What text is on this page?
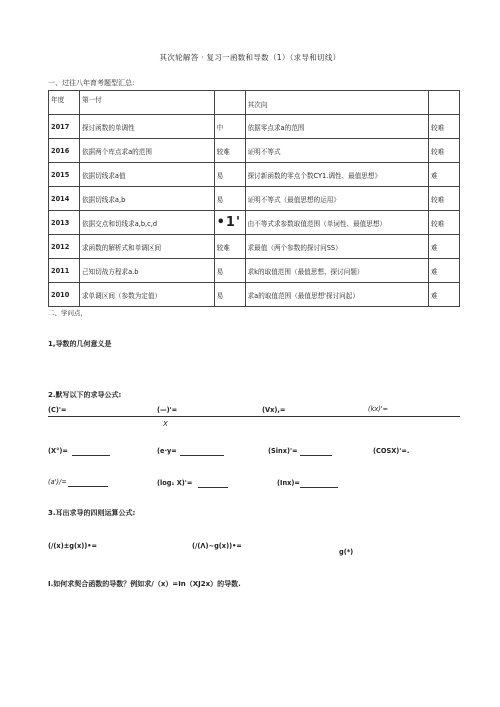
其次轮解答 · 复习一函数和导数（1）（求导和切线）
一、过往八年育考题型汇总:
年度	第一付		其次向	
2017	探讨函数的单调性	中	依据零点求a的范围	较难
2016	依据两个库点求a的范围	较难	证明不等式	较难
2015	依据切线求a值	易	探讨新函数的零点个数CY1.调性、最值思想》	难
2014	依据切线求a,b	易	证明不等式（最值思想的运用》	较难
2013	依据交点和切线求a,b,c,d	•1'	由不等式求参数取值范围（单词性、最值思想）	较难
2012	求函数的解析式和单调区间	较难	求最值（两个参数的探讨问SS）	难
2011	己知切战方程求a.b	易	求k的取值范围（最值思想、探讨问题）	难
2010	求单调区间（参数为定值）	易	求a的取值范围（最值思想'探讨问起）	难
二、学问点，
1,导数的几何意义是
2.默写以下的求导公式:
(C)'=	(—)'=	(Vx),=	(kx)'≈
X
(X°)=	(e·y=	(Sinx)'=	(COSX)'=.
(a')/=	(log₁ X)'=	(Inx)=
3.耳出求导的四则运算公式:
(/(x)±g(x))•=	(/(Λ)~g(x))•=
g(*)
I.如何求契合函数的导数？例如求/（x）=In（XJ2x）的导数.
